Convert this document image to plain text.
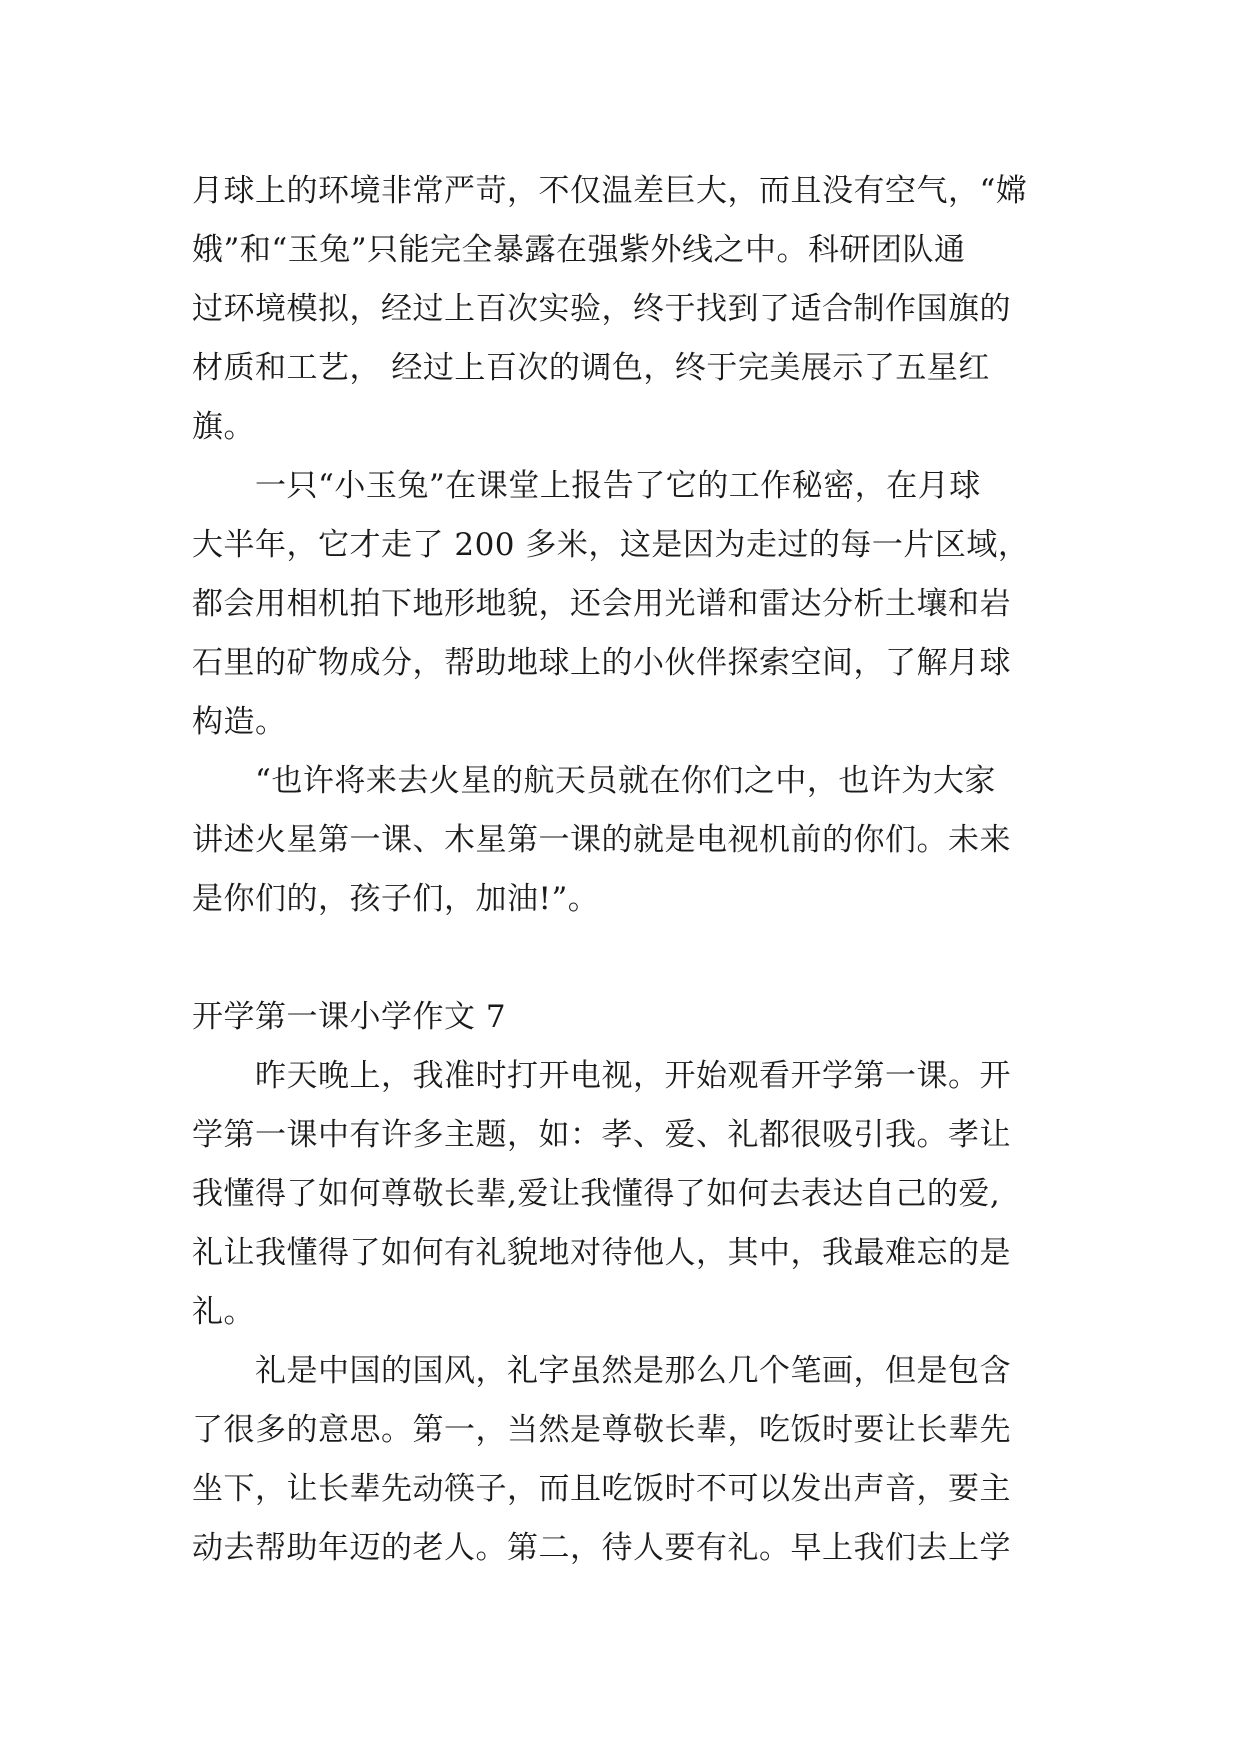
月球上的环境非常严苛，不仅温差巨大，而且没有空气，“嫦
娥”和“玉兔”只能完全暴露在强紫外线之中。科研团队通
过环境模拟，经过上百次实验，终于找到了适合制作国旗的
材质和工艺， 经过上百次的调色，终于完美展示了五星红
旗。
　　一只“小玉兔”在课堂上报告了它的工作秘密，在月球
大半年，它才走了 200 多米，这是因为走过的每一片区域，
都会用相机拍下地形地貌，还会用光谱和雷达分析土壤和岩
石里的矿物成分，帮助地球上的小伙伴探索空间，了解月球
构造。
　　“也许将来去火星的航天员就在你们之中，也许为大家
讲述火星第一课、木星第一课的就是电视机前的你们。未来
是你们的，孩子们，加油!”。
开学第一课小学作文 7
　　昨天晚上，我准时打开电视，开始观看开学第一课。开
学第一课中有许多主题，如：孝、爱、礼都很吸引我。孝让
我懂得了如何尊敬长辈,爱让我懂得了如何去表达自己的爱,
礼让我懂得了如何有礼貌地对待他人，其中，我最难忘的是
礼。
　　礼是中国的国风，礼字虽然是那么几个笔画，但是包含
了很多的意思。第一，当然是尊敬长辈，吃饭时要让长辈先
坐下，让长辈先动筷子，而且吃饭时不可以发出声音，要主
动去帮助年迈的老人。第二，待人要有礼。早上我们去上学
